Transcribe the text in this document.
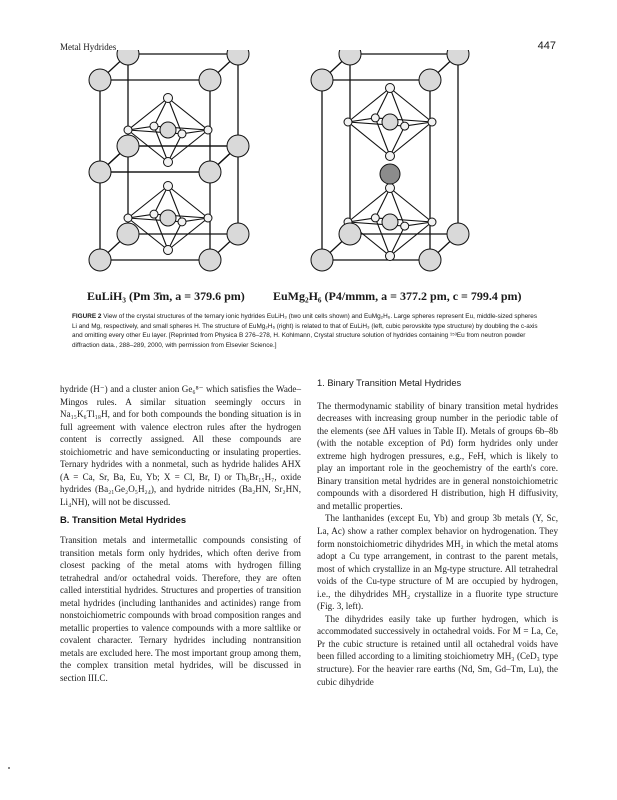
Metal Hydrides	447
EuLiH₃ (Pm 3̄m, a = 379.6 pm) EuMg₂H₆ (P4/mmm, a = 377.2 pm, c = 799.4 pm)
FIGURE 2 View of the crystal structures of the ternary ionic hydrides EuLiH₃ (two unit cells shown) and EuMg₂H₆. Large spheres represent Eu, middle-sized spheres Li and Mg, respectively, and small spheres H. The structure of EuMg₂H₆ (right) is related to that of EuLiH₃ (left, cubic perovskite type structure) by doubling the c-axis and omitting every other Eu layer. [Reprinted from Physica B 276–278, H. Kohlmann, Crystal structure solution of hydrides containing ¹⁵³Eu from neutron powder diffraction data., 288–289, 2000, with permission from Elsevier Science.]

hydride (H⁻) and a cluster anion Ge₆⁸⁻ which satisfies the Wade–Mingos rules. A similar situation seemingly occurs in Na₁₅K₆Tl₁₈H, and for both compounds the bonding situation is in full agreement with valence electron rules after the hydrogen content is correctly assigned. All these compounds are stoichiometric and have semiconducting or insulating properties. Ternary hydrides with a nonmetal, such as hydride halides AHX (A = Ca, Sr, Ba, Eu, Yb; X = Cl, Br, I) or Th₆Br₁₅H₇, oxide hydrides (Ba₂₁Ge₂O₅H₂₄), and hydride nitrides (Ba₂HN, Sr₂HN, Li₄NH), will not be discussed.

B. Transition Metal Hydrides

Transition metals and intermetallic compounds consisting of transition metals form only hydrides, which often derive from closest packing of the metal atoms with hydrogen filling tetrahedral and/or octahedral voids. Therefore, they are often called interstitial hydrides. Structures and properties of transition metal hydrides (including lanthanides and actinides) range from nonstoichiometric compounds with broad composition ranges and metallic properties to valence compounds with a more saltlike or covalent character. Ternary hydrides including nontransition metals are excluded here. The most important group among them, the complex transition metal hydrides, will be discussed in section III.C.

1. Binary Transition Metal Hydrides

The thermodynamic stability of binary transition metal hydrides decreases with increasing group number in the periodic table of the elements (see ΔH values in Table II). Metals of groups 6b–8b (with the notable exception of Pd) form hydrides only under extreme high hydrogen pressures, e.g., FeH, which is likely to play an important role in the geochemistry of the earth's core. Binary transition metal hydrides are in general nonstoichiometric compounds with a disordered H distribution, high H diffusivity, and metallic properties.

The lanthanides (except Eu, Yb) and group 3b metals (Y, Sc, La, Ac) show a rather complex behavior on hydrogenation. They form nonstoichiometric dihydrides MH₂ in which the metal atoms adopt a Cu type arrangement, in contrast to the parent metals, most of which crystallize in an Mg-type structure. All tetrahedral voids of the Cu-type structure of M are occupied by hydrogen, i.e., the dihydrides MH₂ crystallize in a fluorite type structure (Fig. 3, left).

The dihydrides easily take up further hydrogen, which is accommodated successively in octahedral voids. For M = La, Ce, Pr the cubic structure is retained until all octahedral voids have been filled according to a limiting stoichiometry MH₃ (CeD₃ type structure). For the heavier rare earths (Nd, Sm, Gd–Tm, Lu), the cubic dihydride
